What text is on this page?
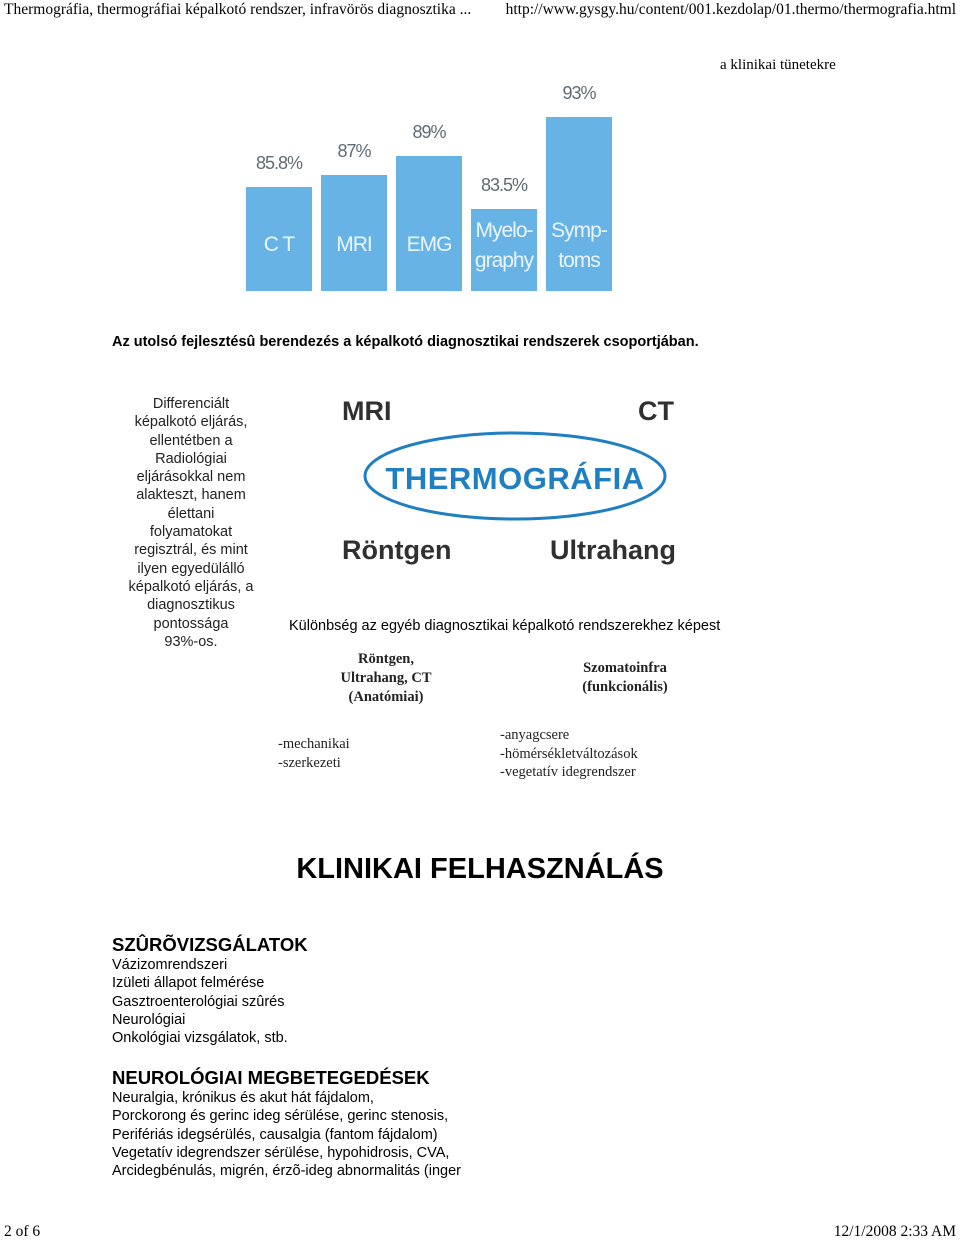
Thermográfia, thermográfiai képalkotó rendszer, infravörös diagnosztika ... http://www.gysgy.hu/content/001.kezdolap/01.thermo/thermografia.html
a klinikai tünetekre
85.8%
C T
87%
MRI
89%
EMG
83.5%
Myelo-
graphy
93%
Symp-
toms
Az utolsó fejlesztésû berendezés a képalkotó diagnosztikai rendszerek csoportjában.
Differenciált
képalkotó eljárás,
ellentétben a
Radiológiai
eljárásokkal nem
alakteszt, hanem
élettani
folyamatokat
regisztrál, és mint
ilyen egyedülálló
képalkotó eljárás, a
diagnosztikus
pontossága
93%-os.
MRI	CT
THERMOGRÁFIA
Röntgen	Ultrahang
Különbség az egyéb diagnosztikai képalkotó rendszerekhez képest
Röntgen,
Ultrahang, CT
(Anatómiai)
Szomatoinfra
(funkcionális)
-mechanikai
-szerkezeti
-anyagcsere
-hömérsékletváltozások
-vegetatív idegrendszer
KLINIKAI FELHASZNÁLÁS
SZÛRÕVIZSGÁLATOK
Vázizomrendszeri
Izületi állapot felmérése
Gasztroenterológiai szûrés
Neurológiai
Onkológiai vizsgálatok, stb.
NEUROLÓGIAI MEGBETEGEDÉSEK
Neuralgia, krónikus és akut hát fájdalom,
Porckorong és gerinc ideg sérülése, gerinc stenosis,
Perifériás idegsérülés, causalgia (fantom fájdalom)
Vegetatív idegrendszer sérülése, hypohidrosis, CVA,
Arcidegbénulás, migrén, érzõ-ideg abnormalitás (inger
2 of 6	12/1/2008 2:33 AM
